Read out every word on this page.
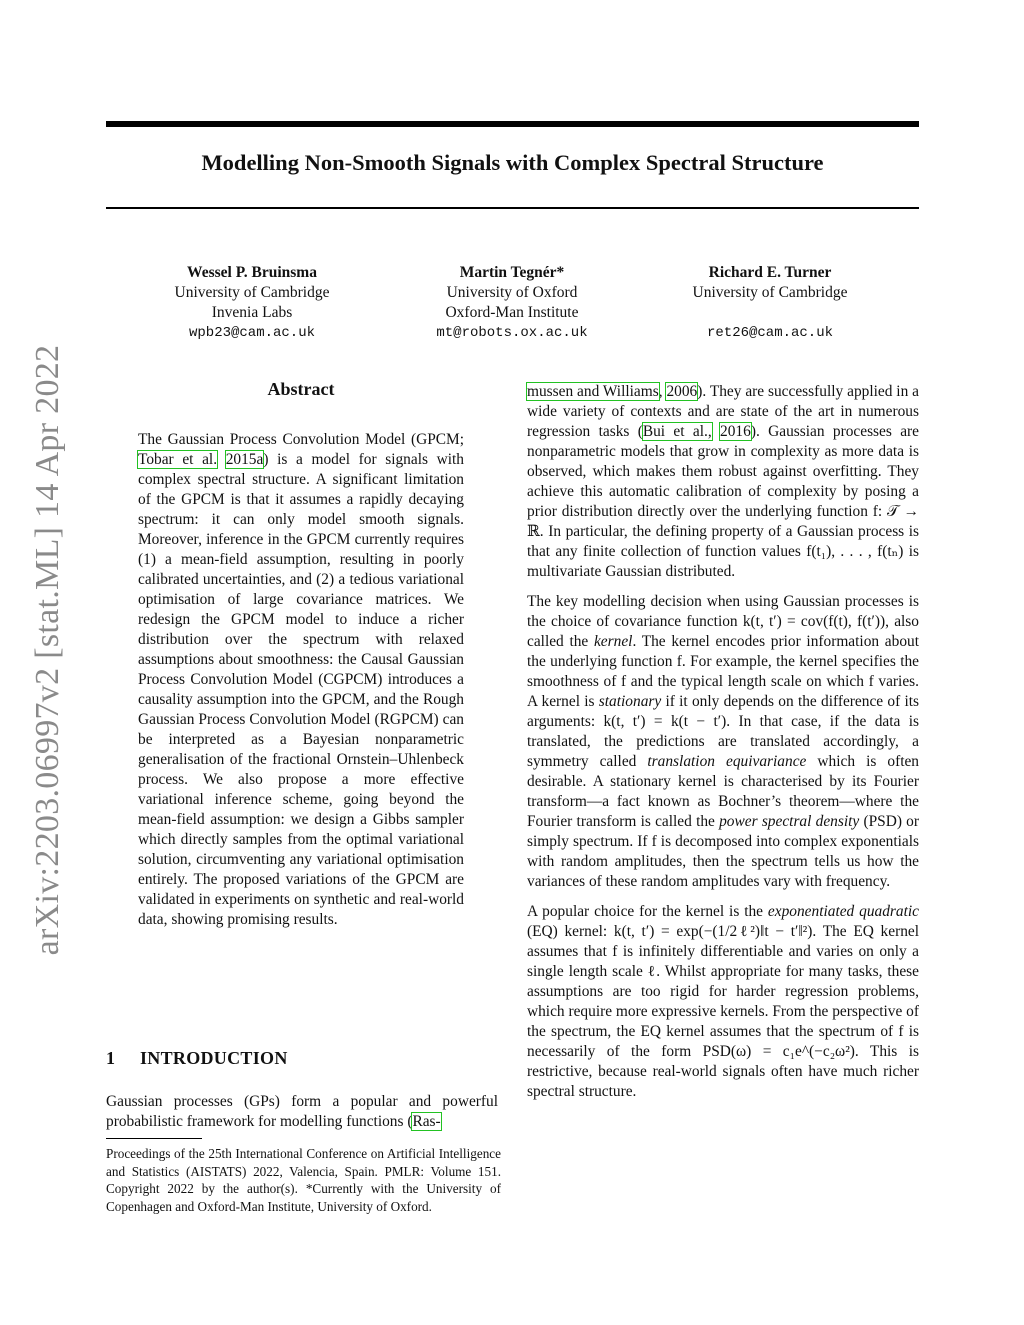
arXiv:2203.06997v2 [stat.ML] 14 Apr 2022
Modelling Non-Smooth Signals with Complex Spectral Structure
Wessel P. Bruinsma
University of Cambridge
Invenia Labs
wpb23@cam.ac.uk
Martin Tegnér*
University of Oxford
Oxford-Man Institute
mt@robots.ox.ac.uk
Richard E. Turner
University of Cambridge
ret26@cam.ac.uk
Abstract
The Gaussian Process Convolution Model (GPCM; Tobar et al. 2015a) is a model for signals with complex spectral structure. A significant limitation of the GPCM is that it assumes a rapidly decaying spectrum: it can only model smooth signals. Moreover, inference in the GPCM currently requires (1) a mean-field assumption, resulting in poorly calibrated uncertainties, and (2) a tedious variational optimisation of large covariance matrices. We redesign the GPCM model to induce a richer distribution over the spectrum with relaxed assumptions about smoothness: the Causal Gaussian Process Convolution Model (CGPCM) introduces a causality assumption into the GPCM, and the Rough Gaussian Process Convolution Model (RGPCM) can be interpreted as a Bayesian nonparametric generalisation of the fractional Ornstein–Uhlenbeck process. We also propose a more effective variational inference scheme, going beyond the mean-field assumption: we design a Gibbs sampler which directly samples from the optimal variational solution, circumventing any variational optimisation entirely. The proposed variations of the GPCM are validated in experiments on synthetic and real-world data, showing promising results.
1 INTRODUCTION
Gaussian processes (GPs) form a popular and powerful probabilistic framework for modelling functions (Ras-
Proceedings of the 25th International Conference on Artificial Intelligence and Statistics (AISTATS) 2022, Valencia, Spain. PMLR: Volume 151. Copyright 2022 by the author(s). *Currently with the University of Copenhagen and Oxford-Man Institute, University of Oxford.

mussen and Williams, 2006). They are successfully applied in a wide variety of contexts and are state of the art in numerous regression tasks (Bui et al., 2016). Gaussian processes are nonparametric models that grow in complexity as more data is observed, which makes them robust against overfitting. They achieve this automatic calibration of complexity by posing a prior distribution directly over the underlying function f: 𝒯 → ℝ. In particular, the defining property of a Gaussian process is that any finite collection of function values f(t₁), . . . , f(tₙ) is multivariate Gaussian distributed.

The key modelling decision when using Gaussian processes is the choice of covariance function k(t, t′) = cov(f(t), f(t′)), also called the kernel. The kernel encodes prior information about the underlying function f. For example, the kernel specifies the smoothness of f and the typical length scale on which f varies. A kernel is stationary if it only depends on the difference of its arguments: k(t, t′) = k(t − t′). In that case, if the data is translated, the predictions are translated accordingly, a symmetry called translation equivariance which is often desirable. A stationary kernel is characterised by its Fourier transform—a fact known as Bochner’s theorem—where the Fourier transform is called the power spectral density (PSD) or simply spectrum. If f is decomposed into complex exponentials with random amplitudes, then the spectrum tells us how the variances of these random amplitudes vary with frequency.

A popular choice for the kernel is the exponentiated quadratic (EQ) kernel: k(t, t′) = exp(−(1/2ℓ²)‖t − t′‖²). The EQ kernel assumes that f is infinitely differentiable and varies on only a single length scale ℓ. Whilst appropriate for many tasks, these assumptions are too rigid for harder regression problems, which require more expressive kernels. From the perspective of the spectrum, the EQ kernel assumes that the spectrum of f is necessarily of the form PSD(ω) = c₁e^(−c₂ω²). This is restrictive, because real-world signals often have much richer spectral structure.
